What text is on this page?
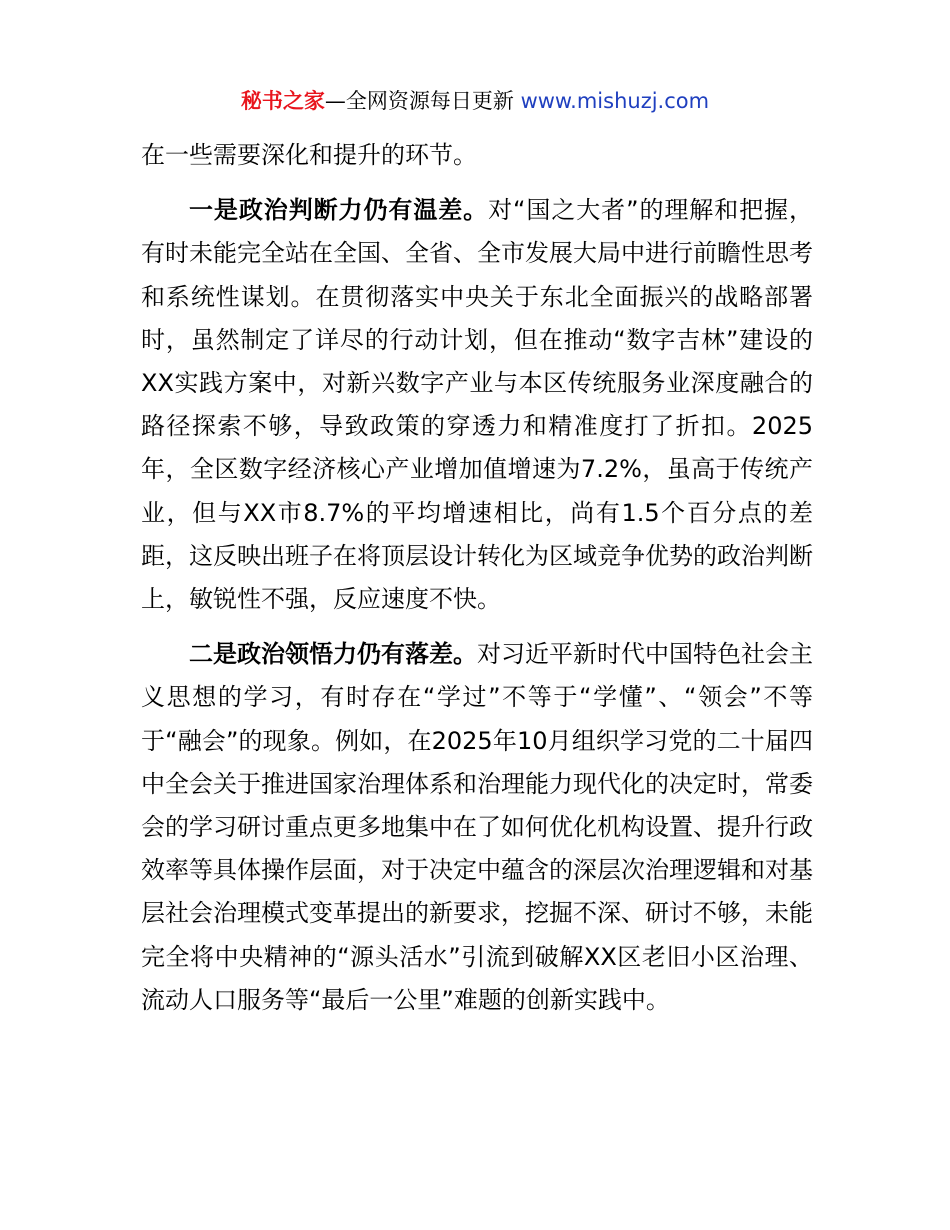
秘书之家—全网资源每日更新 www.mishuzj.com

在一些需要深化和提升的环节。

一是政治判断力仍有温差。对“国之大者”的理解和把握，有时未能完全站在全国、全省、全市发展大局中进行前瞻性思考和系统性谋划。在贯彻落实中央关于东北全面振兴的战略部署时，虽然制定了详尽的行动计划，但在推动“数字吉林”建设的XX实践方案中，对新兴数字产业与本区传统服务业深度融合的路径探索不够，导致政策的穿透力和精准度打了折扣。2025年，全区数字经济核心产业增加值增速为7.2%，虽高于传统产业，但与XX市8.7%的平均增速相比，尚有1.5个百分点的差距，这反映出班子在将顶层设计转化为区域竞争优势的政治判断上，敏锐性不强，反应速度不快。

二是政治领悟力仍有落差。对习近平新时代中国特色社会主义思想的学习，有时存在“学过”不等于“学懂”、“领会”不等于“融会”的现象。例如，在2025年10月组织学习党的二十届四中全会关于推进国家治理体系和治理能力现代化的决定时，常委会的学习研讨重点更多地集中在了如何优化机构设置、提升行政效率等具体操作层面，对于决定中蕴含的深层次治理逻辑和对基层社会治理模式变革提出的新要求，挖掘不深、研讨不够，未能完全将中央精神的“源头活水”引流到破解XX区老旧小区治理、流动人口服务等“最后一公里”难题的创新实践中。
